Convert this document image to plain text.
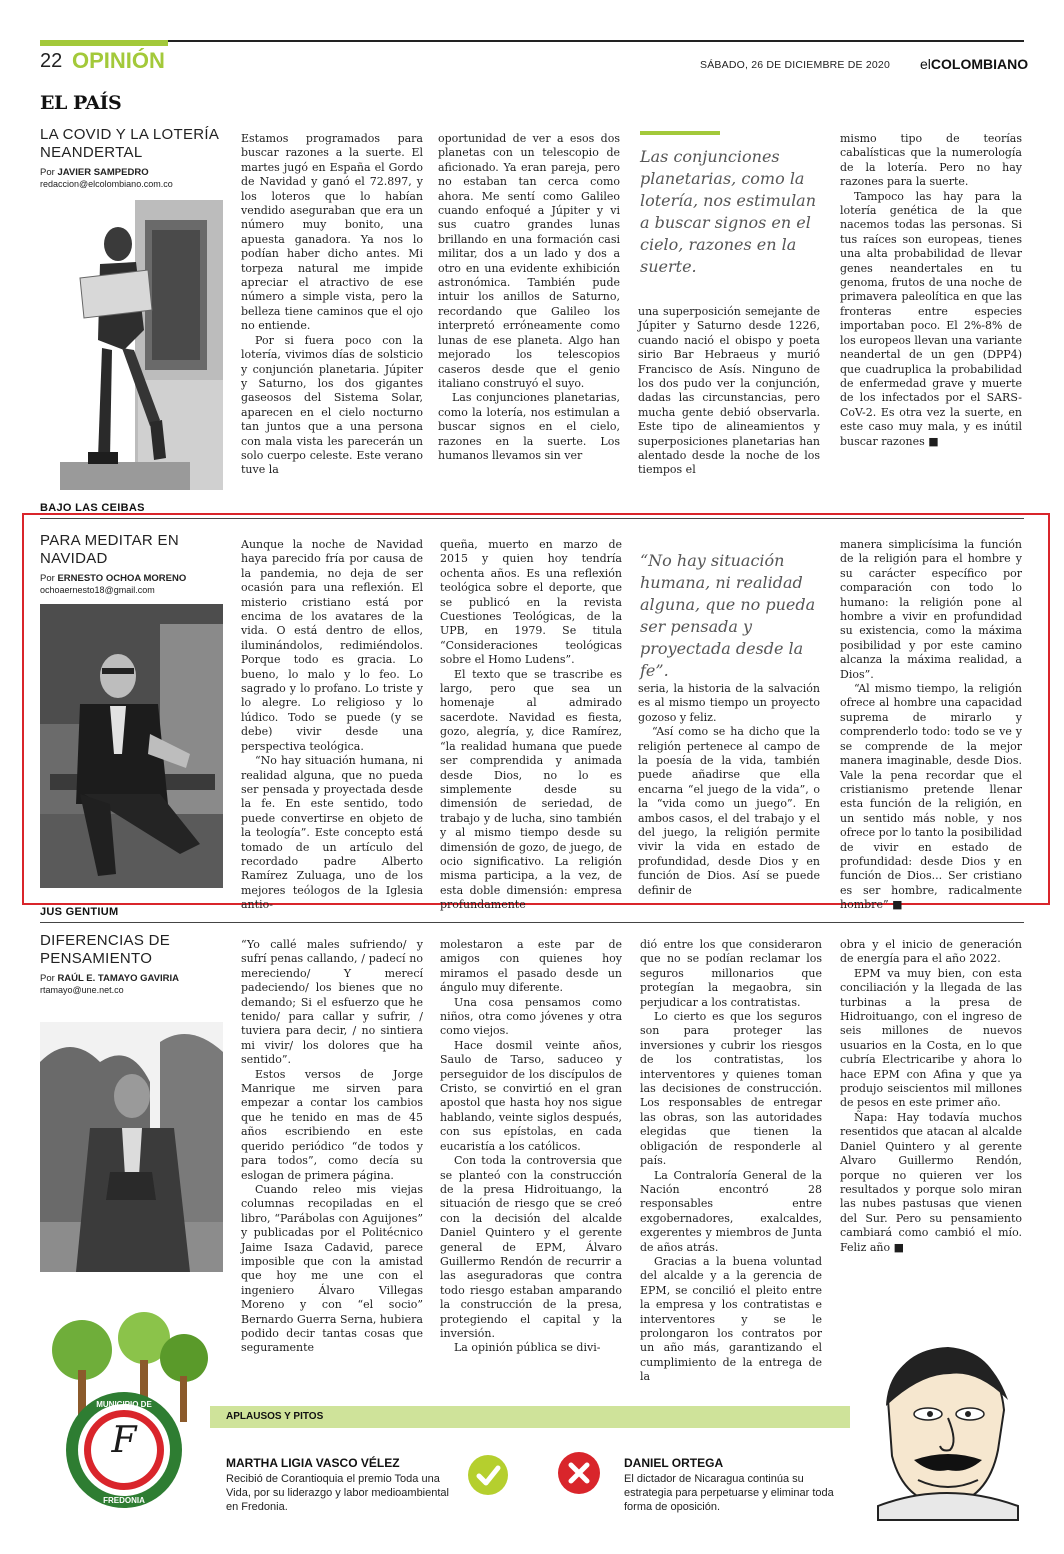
22 OPINIÓN	SÁBADO, 26 DE DICIEMBRE DE 2020 elCOLOMBIANO
EL PAÍS
LA COVID Y LA LOTERÍA NEANDERTAL
Por JAVIER SAMPEDRO
redaccion@elcolombiano.com.co

Estamos programados para buscar razones a la suerte. El martes jugó en España el Gordo de Navidad y ganó el 72.897, y los loteros que lo habían vendido aseguraban que era un número muy bonito, una apuesta ganadora. Ya nos lo podían haber dicho antes. Mi torpeza natural me impide apreciar el atractivo de ese número a simple vista, pero la belleza tiene caminos que el ojo no entiende.

Por si fuera poco con la lotería, vivimos días de solsticio y conjunción planetaria. Júpiter y Saturno, los dos gigantes gaseosos del Sistema Solar, aparecen en el cielo nocturno tan juntos que a una persona con mala vista les parecerán un solo cuerpo celeste. Este verano tuve la

oportunidad de ver a esos dos planetas con un telescopio de aficionado. Ya eran pareja, pero no estaban tan cerca como ahora. Me sentí como Galileo cuando enfoqué a Júpiter y vi sus cuatro grandes lunas brillando en una formación casi militar, dos a un lado y dos a otro en una evidente exhibición astronómica. También pude intuir los anillos de Saturno, recordando que Galileo los interpretó erróneamente como lunas de ese planeta. Algo han mejorado los telescopios caseros desde que el genio italiano construyó el suyo.

Las conjunciones planetarias, como la lotería, nos estimulan a buscar signos en el cielo, razones en la suerte. Los humanos llevamos sin ver

Las conjunciones planetarias, como la lotería, nos estimulan a buscar signos en el cielo, razones en la suerte.

una superposición semejante de Júpiter y Saturno desde 1226, cuando nació el obispo y poeta sirio Bar Hebraeus y murió Francisco de Asís. Ninguno de los dos pudo ver la conjunción, dadas las circunstancias, pero mucha gente debió observarla. Este tipo de alineamientos y superposiciones planetarias han alentado desde la noche de los tiempos el

mismo tipo de teorías cabalísticas que la numerología de la lotería. Pero no hay razones para la suerte.

Tampoco las hay para la lotería genética de la que nacemos todas las personas. Si tus raíces son europeas, tienes una alta probabilidad de llevar genes neandertales en tu genoma, frutos de una noche de primavera paleolítica en que las fronteras entre especies importaban poco. El 2%-8% de los europeos llevan una variante neandertal de un gen (DPP4) que cuadruplica la probabilidad de enfermedad grave y muerte de los infectados por el SARS-CoV-2. Es otra vez la suerte, en este caso muy mala, y es inútil buscar razones ■

BAJO LAS CEIBAS
PARA MEDITAR EN NAVIDAD
Por ERNESTO OCHOA MORENO
ochoaernesto18@gmail.com

Aunque la noche de Navidad haya parecido fría por causa de la pandemia, no deja de ser ocasión para una reflexión. El misterio cristiano está por encima de los avatares de la vida. O está dentro de ellos, iluminándolos, redimiéndolos. Porque todo es gracia. Lo bueno, lo malo y lo feo. Lo sagrado y lo profano. Lo triste y lo alegre. Lo religioso y lo lúdico. Todo se puede (y se debe) vivir desde una perspectiva teológica.

“No hay situación humana, ni realidad alguna, que no pueda ser pensada y proyectada desde la fe. En este sentido, todo puede convertirse en objeto de la teología”. Este concepto está tomado de un artículo del recordado padre Alberto Ramírez Zuluaga, uno de los mejores teólogos de la Iglesia antio-

queña, muerto en marzo de 2015 y quien hoy tendría ochenta años. Es una reflexión teológica sobre el deporte, que se publicó en la revista Cuestiones Teológicas, de la UPB, en 1979. Se titula “Consideraciones teológicas sobre el Homo Ludens”.

El texto que se trascribe es largo, pero que sea un homenaje al admirado sacerdote. Navidad es fiesta, gozo, alegría, y, dice Ramírez, “la realidad humana que puede ser comprendida y animada desde Dios, no lo es simplemente desde su dimensión de seriedad, de trabajo y de lucha, sino también y al mismo tiempo desde su dimensión de gozo, de juego, de ocio significativo. La religión misma participa, a la vez, de esta doble dimensión: empresa profundamente

“No hay situación humana, ni realidad alguna, que no pueda ser pensada y proyectada desde la fe”.

seria, la historia de la salvación es al mismo tiempo un proyecto gozoso y feliz.

“Así como se ha dicho que la religión pertenece al campo de la poesía de la vida, también puede añadirse que ella encarna “el juego de la vida”, o la “vida como un juego”. En ambos casos, el del trabajo y el del juego, la religión permite vivir la vida en estado de profundidad, desde Dios y en función de Dios. Así se puede definir de

manera simplicísima la función de la religión para el hombre y su carácter específico por comparación con todo lo humano: la religión pone al hombre a vivir en profundidad su existencia, como la máxima posibilidad y por este camino alcanza la máxima realidad, a Dios”.

“Al mismo tiempo, la religión ofrece al hombre una capacidad suprema de mirarlo y comprenderlo todo: todo se ve y se comprende de la mejor manera imaginable, desde Dios. Vale la pena recordar que el cristianismo pretende llenar esta función de la religión, en un sentido más noble, y nos ofrece por lo tanto la posibilidad de vivir en estado de profundidad: desde Dios y en función de Dios... Ser cristiano es ser hombre, radicalmente hombre” ■

JUS GENTIUM
DIFERENCIAS DE PENSAMIENTO
Por RAÚL E. TAMAYO GAVIRIA
rtamayo@une.net.co

“Yo callé males sufriendo/ y sufrí penas callando, / padecí no mereciendo/ Y merecí padeciendo/ los bienes que no demando; Si el esfuerzo que he tenido/ para callar y sufrir, / tuviera para decir, / no sintiera mi vivir/ los dolores que ha sentido”.

Estos versos de Jorge Manrique me sirven para empezar a contar los cambios que he tenido en mas de 45 años escribiendo en este querido periódico “de todos y para todos”, como decía su eslogan de primera página.

Cuando releo mis viejas columnas recopiladas en el libro, “Parábolas con Aguijones” y publicadas por el Politécnico Jaime Isaza Cadavid, parece imposible que con la amistad que hoy me une con el ingeniero Álvaro Villegas Moreno y con “el socio” Bernardo Guerra Serna, hubiera podido decir tantas cosas que seguramente

molestaron a este par de amigos con quienes hoy miramos el pasado desde un ángulo muy diferente.

Una cosa pensamos como niños, otra como jóvenes y otra como viejos.

Hace dosmil veinte años, Saulo de Tarso, saduceo y perseguidor de los discípulos de Cristo, se convirtió en el gran apostol que hasta hoy nos sigue hablando, veinte siglos después, con sus epístolas, en cada eucaristía a los católicos.

Con toda la controversia que se planteó con la construcción de la presa Hidroituango, la situación de riesgo que se creó con la decisión del alcalde Daniel Quintero y el gerente general de EPM, Álvaro Guillermo Rendón de recurrir a las aseguradoras que contra todo riesgo estaban amparando la construcción de la presa, protegiendo el capital y la inversión.

La opinión pública se divi-

dió entre los que consideraron que no se podían reclamar los seguros millonarios que protegían la megaobra, sin perjudicar a los contratistas.

Lo cierto es que los seguros son para proteger las inversiones y cubrir los riesgos de los contratistas, los interventores y quienes toman las decisiones de construcción. Los responsables de entregar las obras, son las autoridades elegidas que tienen la obligación de responderle al país.

La Contraloría General de la Nación encontró 28 responsables entre exgobernadores, exalcaldes, exgerentes y miembros de Junta de años atrás.

Gracias a la buena voluntad del alcalde y a la gerencia de EPM, se concilió el pleito entre la empresa y los contratistas e interventores y se le prolongaron los contratos por un año más, garantizando el cumplimiento de la entrega de la

obra y el inicio de generación de energía para el año 2022.

EPM va muy bien, con esta conciliación y la llegada de las turbinas a la presa de Hidroituango, con el ingreso de seis millones de nuevos usuarios en la Costa, en lo que cubría Electricaribe y ahora lo hace EPM con Afina y que ya produjo seiscientos mil millones de pesos en este primer año.

Ñapa: Hay todavía muchos resentidos que atacan al alcalde Daniel Quintero y al gerente Alvaro Guillermo Rendón, porque no quieren ver los resultados y porque solo miran las nubes pastusas que vienen del Sur. Pero su pensamiento cambiará como cambió el mío. Feliz año ■

MUNICIPIO DE
F
FREDONIA
APLAUSOS Y PITOS
MARTHA LIGIA VASCO VÉLEZ
Recibió de Corantioquia el premio Toda una Vida, por su liderazgo y labor medioambiental en Fredonia.
DANIEL ORTEGA
El dictador de Nicaragua continúa su estrategia para perpetuarse y eliminar toda forma de oposición.
